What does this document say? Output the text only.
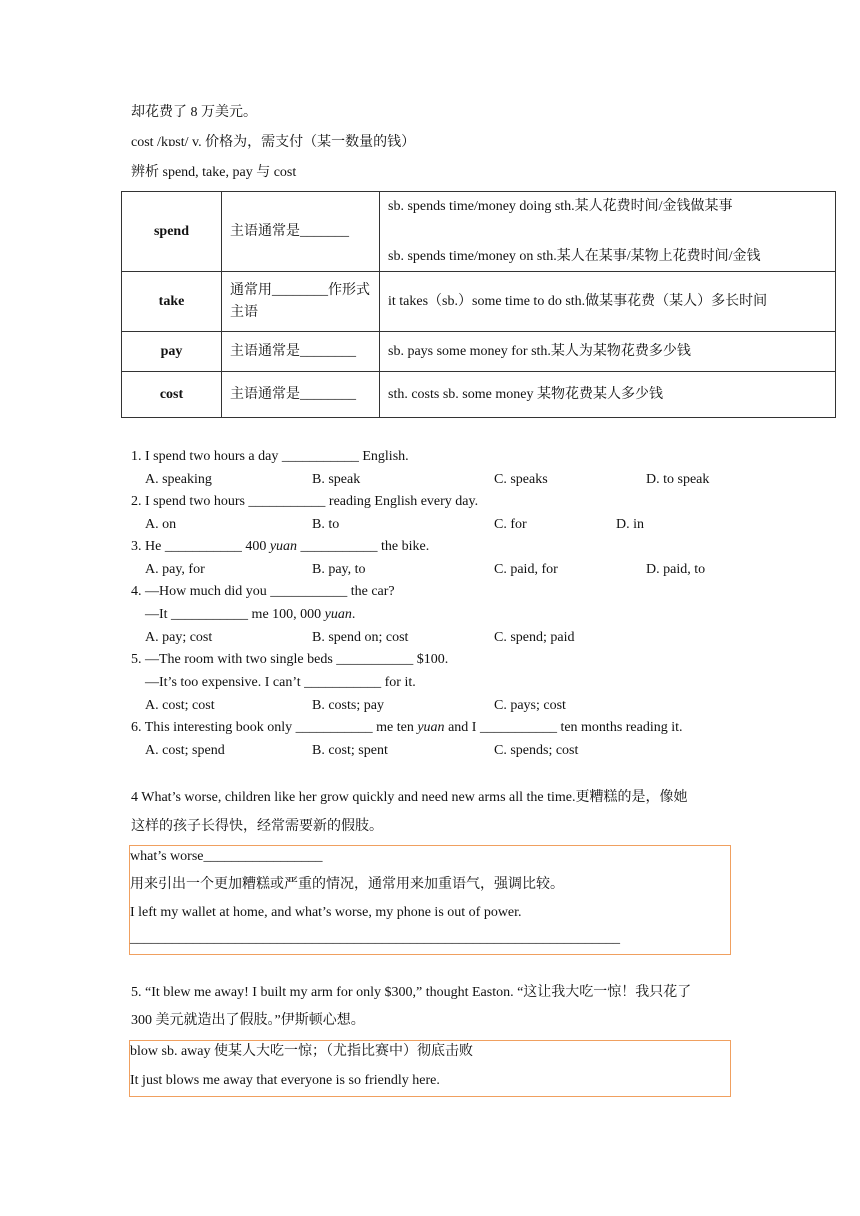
却花费了 8 万美元。
cost /kɒst/ v. 价格为，需支付（某一数量的钱）
辨析 spend, take, pay 与 cost
spend	主语通常是_______	sb. spends time/money doing sth.某人花费时间/金钱做某事
sb. spends time/money on sth.某人在某事/某物上花费时间/金钱

take	通常用________作形式主语	it takes（sb.）some time to do sth.做某事花费（某人）多长时间
pay	主语通常是________	sb. pays some money for sth.某人为某物花费多少钱
cost	主语通常是________	sth. costs sb. some money 某物花费某人多少钱
1. I spend two hours a day ___________ English.
A. speaking	B. speak	C. speaks	D. to speak
2. I spend two hours ___________ reading English every day.
A. on	B. to	C. for	D. in
3. He ___________ 400 yuan ___________ the bike.
A. pay, for	B. pay, to	C. paid, for	D. paid, to
4. —How much did you ___________ the car?
—It ___________ me 100, 000 yuan.
A. pay; cost	B. spend on; cost	C. spend; paid
5. —The room with two single beds ___________ $100.
—It’s too expensive. I can’t ___________ for it.
A. cost; cost	B. costs; pay	C. pays; cost
6. This interesting book only ___________ me ten yuan and I ___________ ten months reading it.
A. cost; spend	B. cost; spent	C. spends; cost
4 What’s worse, children like her grow quickly and need new arms all the time.更糟糕的是，像她
这样的孩子长得快，经常需要新的假肢。
what’s worse_________________
用来引出一个更加糟糕或严重的情况，通常用来加重语气，强调比较。
I left my wallet at home, and what’s worse, my phone is out of power.
______________________________________________________________________
5. “It blew me away! I built my arm for only $300,” thought Easton. “这让我大吃一惊！我只花了
300 美元就造出了假肢。”伊斯顿心想。
blow sb. away 使某人大吃一惊；（尤指比赛中）彻底击败
It just blows me away that everyone is so friendly here.
